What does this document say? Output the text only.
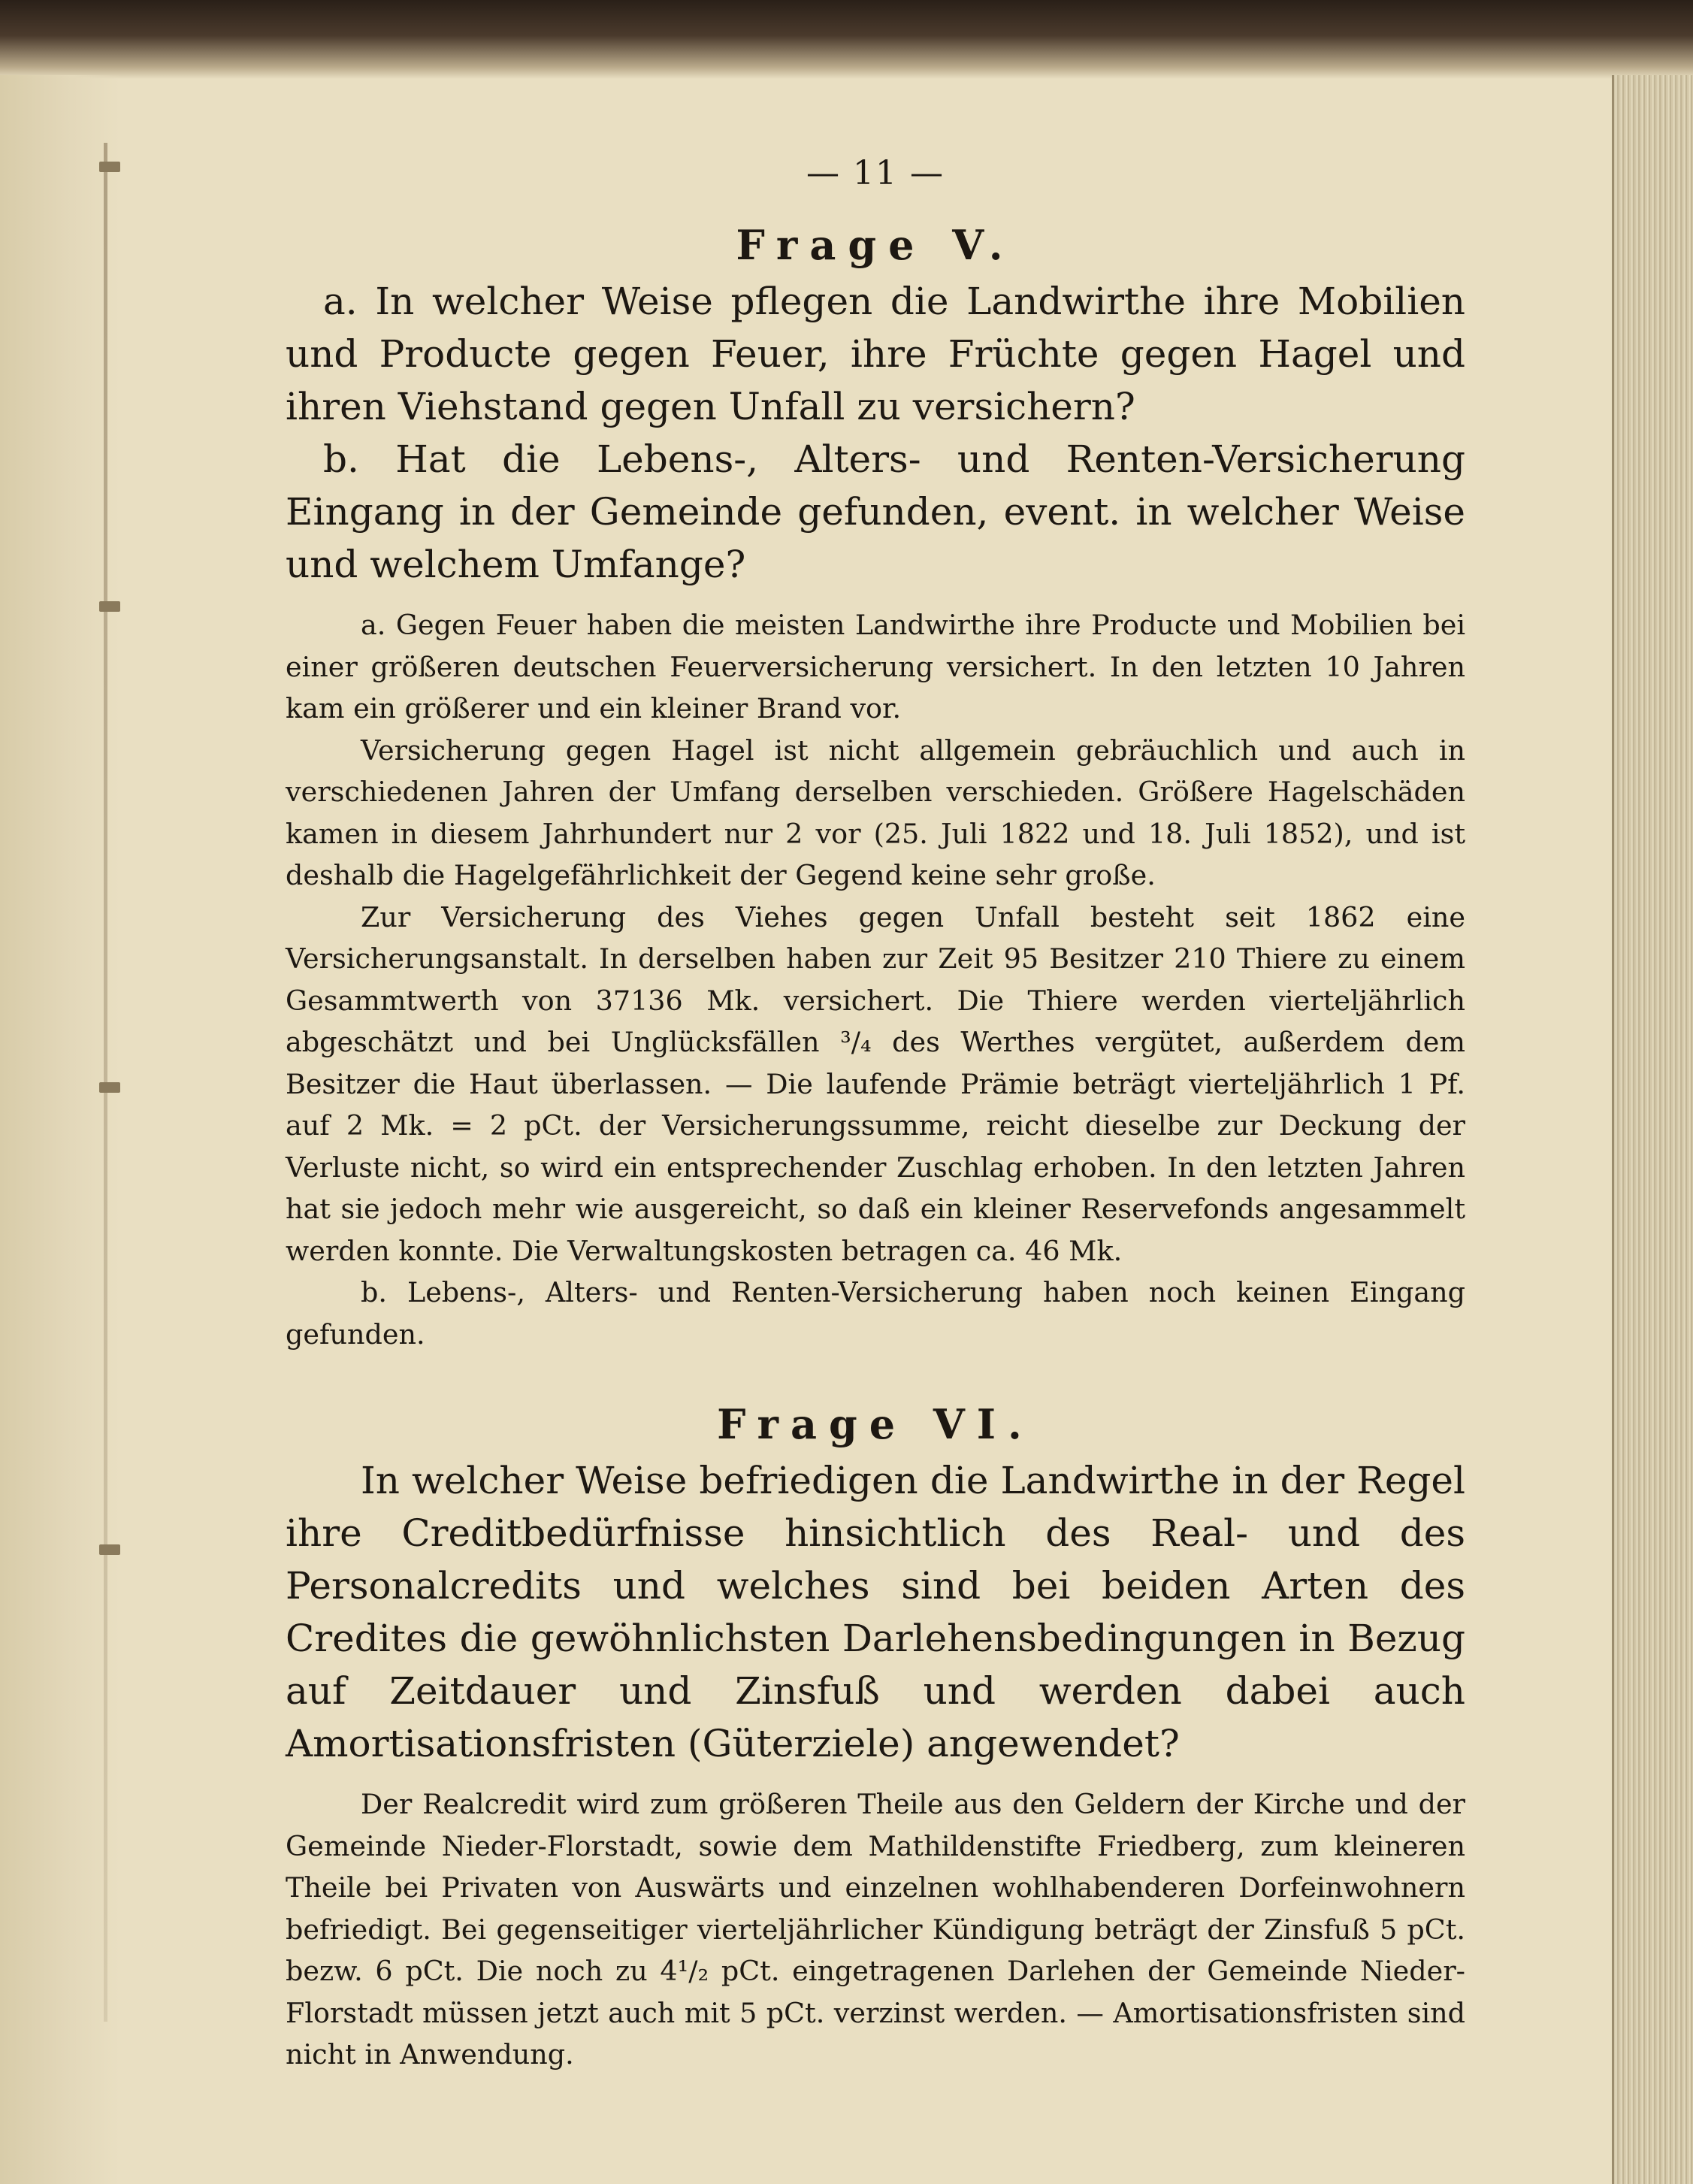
— 11 —

Frage V.

a. In welcher Weise pflegen die Landwirthe ihre Mobilien und Producte gegen Feuer, ihre Früchte gegen Hagel und ihren Viehstand gegen Unfall zu versichern?

b. Hat die Lebens-, Alters- und Renten-Versicherung Eingang in der Gemeinde gefunden, event. in welcher Weise und welchem Umfange?

a. Gegen Feuer haben die meisten Landwirthe ihre Producte und Mobilien bei einer größeren deutschen Feuerversicherung versichert. In den letzten 10 Jahren kam ein größerer und ein kleiner Brand vor.

Versicherung gegen Hagel ist nicht allgemein gebräuchlich und auch in verschiedenen Jahren der Umfang derselben verschieden. Größere Hagelschäden kamen in diesem Jahrhundert nur 2 vor (25. Juli 1822 und 18. Juli 1852), und ist deshalb die Hagelgefährlichkeit der Gegend keine sehr große.

Zur Versicherung des Viehes gegen Unfall besteht seit 1862 eine Versicherungsanstalt. In derselben haben zur Zeit 95 Besitzer 210 Thiere zu einem Gesammtwerth von 37136 Mk. versichert. Die Thiere werden vierteljährlich abgeschätzt und bei Unglücksfällen ³/₄ des Werthes vergütet, außerdem dem Besitzer die Haut überlassen. — Die laufende Prämie beträgt vierteljährlich 1 Pf. auf 2 Mk. = 2 pCt. der Versicherungssumme, reicht dieselbe zur Deckung der Verluste nicht, so wird ein entsprechender Zuschlag erhoben. In den letzten Jahren hat sie jedoch mehr wie ausgereicht, so daß ein kleiner Reservefonds angesammelt werden konnte. Die Verwaltungskosten betragen ca. 46 Mk.

b. Lebens-, Alters- und Renten-Versicherung haben noch keinen Eingang gefunden.

Frage VI.

In welcher Weise befriedigen die Landwirthe in der Regel ihre Creditbedürfnisse hinsichtlich des Real- und des Personalcredits und welches sind bei beiden Arten des Credites die gewöhnlichsten Darlehensbedingungen in Bezug auf Zeitdauer und Zinsfuß und werden dabei auch Amortisationsfristen (Güterziele) angewendet?

Der Realcredit wird zum größeren Theile aus den Geldern der Kirche und der Gemeinde Nieder-Florstadt, sowie dem Mathildenstifte Friedberg, zum kleineren Theile bei Privaten von Auswärts und einzelnen wohlhabenderen Dorfeinwohnern befriedigt. Bei gegenseitiger vierteljährlicher Kündigung beträgt der Zinsfuß 5 pCt. bezw. 6 pCt. Die noch zu 4¹/₂ pCt. eingetragenen Darlehen der Gemeinde Nieder-Florstadt müssen jetzt auch mit 5 pCt. verzinst werden. — Amortisationsfristen sind nicht in Anwendung.
